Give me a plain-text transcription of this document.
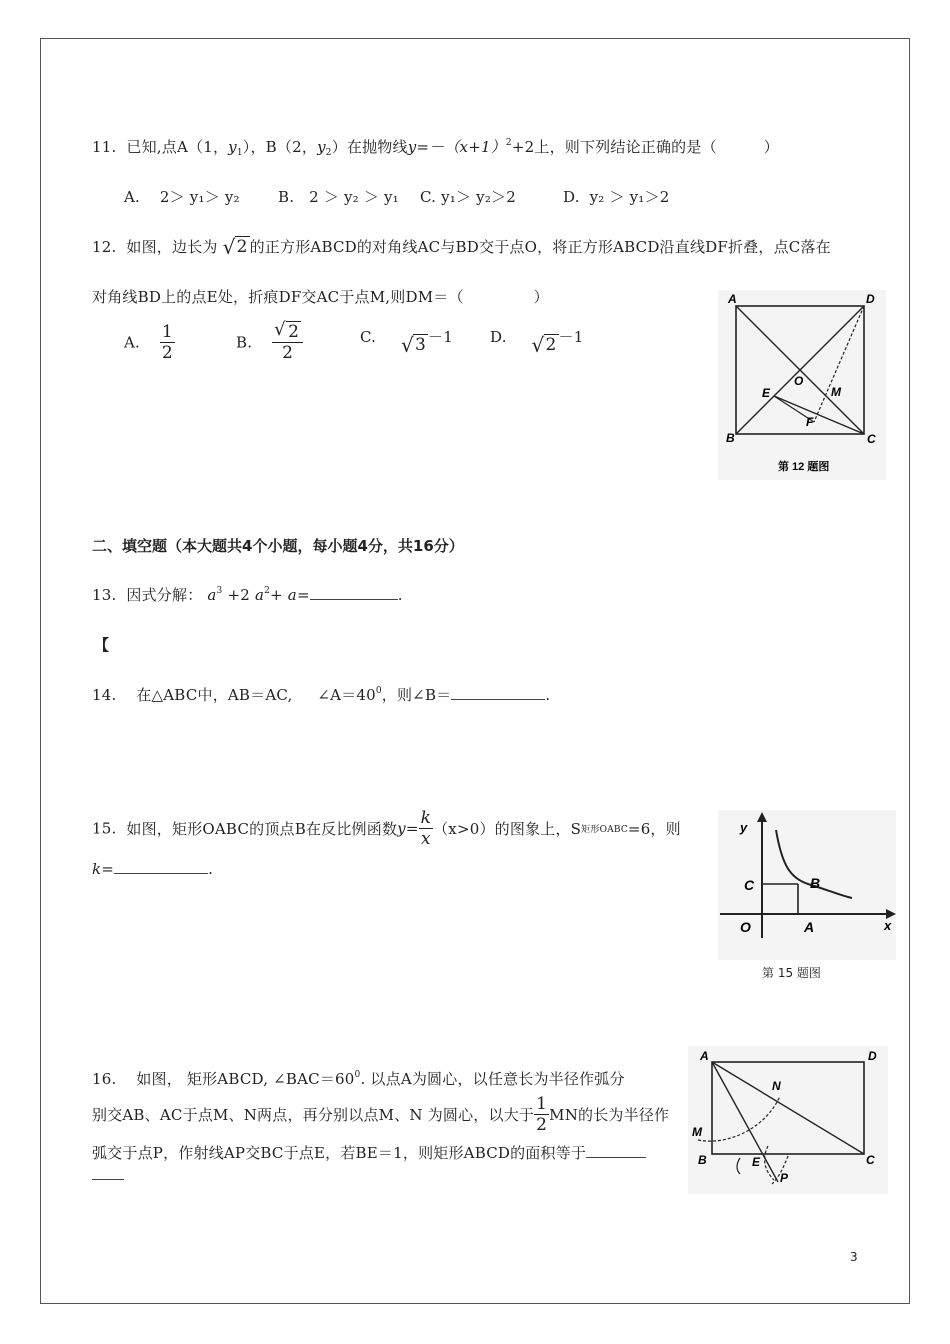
11. 已知,点A（1，$y_1$），B（2，$y_2$）在抛物线$y=-(x+1)^2+2$上，则下列结论正确的是（	）
A. 2＞ y₁＞ y₂	B. 2 ＞ y₂ ＞ y₁ C. y₁＞ y₂＞2	D. y₂ ＞ y₁＞2
12. 如图，边长为 √ 2 的正方形ABCD的对角线AC与BD交于点O，将正方形ABCD沿直线DF折叠，点C落在
对角线BD上的点E处，折痕DF交AC于点M,则DM＝（	）
A. $\frac{1}{2}$	B. $\frac{√ 2}{2}$	C. √ 3 －1 D. √ 2 －1
A	D
B	C
O
E	M
F
第 12 题图
二、填空题（本大题共4个小题，每小题4分，共16分）
13. 因式分解： $a^3 +2$ $a^2+ a=$	.
【
14. 在△ABC中，AB＝AC, $\angle A=40^0$，则∠B＝	.
15. 如图，矩形OABC的顶点B在反比例函数$y= \frac{k}{x} (x>0)$的图象上，S矩形OABC=6，则
k=	.
y
C	B
O	A	x
第 15 题图
16. 如图， 矩形ABCD, $\angle BAC=60^0$. 以点A为圆心，以任意长为半径作弧分
别交AB、AC于点M、N两点，再分别以点M、N 为圆心，以大于 $\frac{1}{2}$ MN的长为半径作
弧交于点P，作射线AP交BC于点E，若BE＝1，则矩形ABCD的面积等于
A	D
N
M
B	E	C
P
3
